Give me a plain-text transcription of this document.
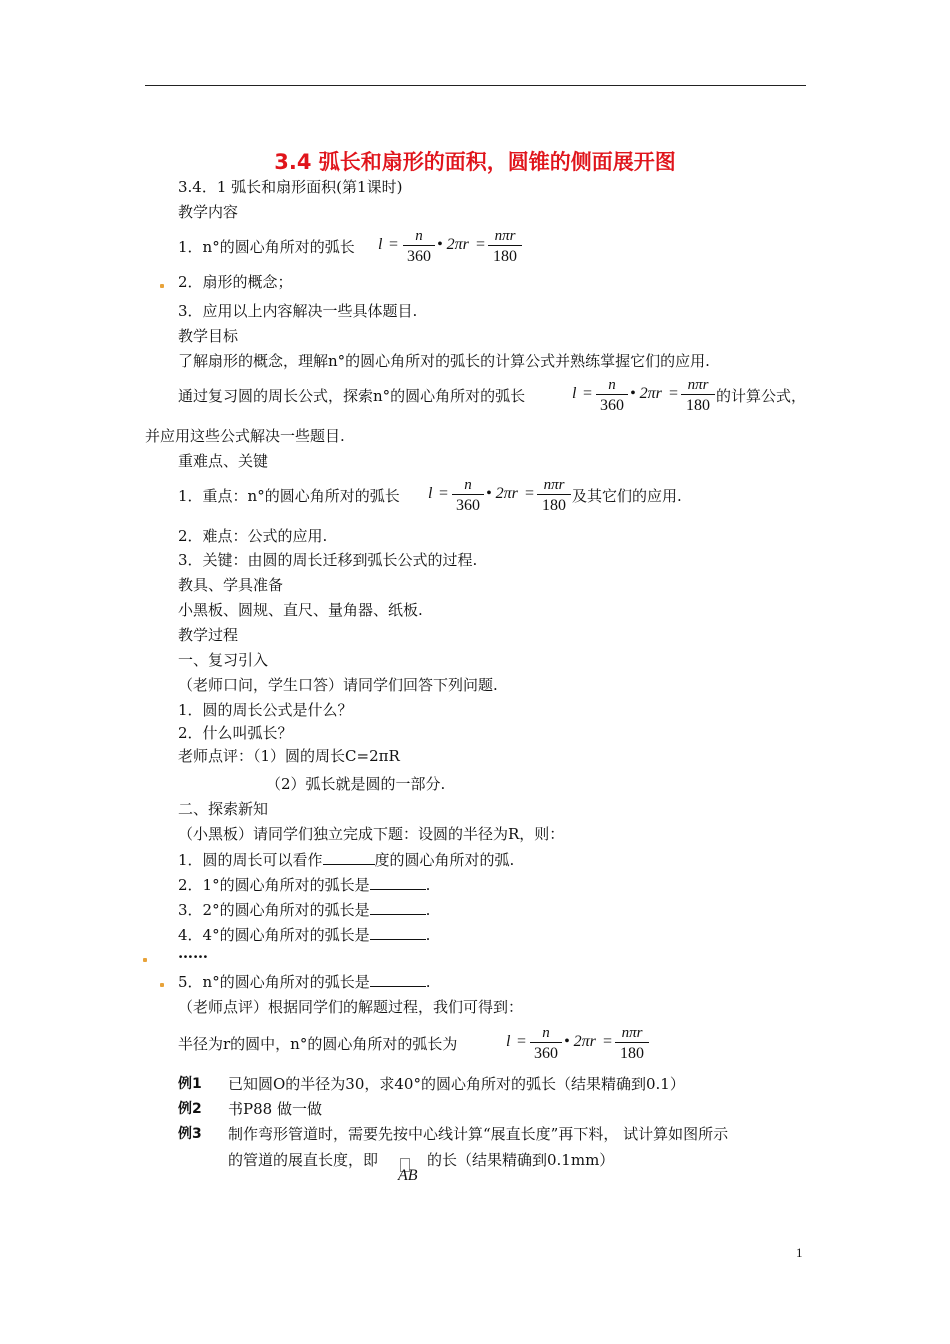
3.4 弧长和扇形的面积，圆锥的侧面展开图
3.4．1 弧长和扇形面积(第1课时)
教学内容
1．n°的圆心角所对的弧长 $l = \frac{n}{360}$ • 2πr = nπr
180
2．扇形的概念；
3．应用以上内容解决一些具体题目.
教学目标
了解扇形的概念，理解n°的圆心角所对的弧长的计算公式并熟练掌握它们的应用.
通过复习圆的周长公式，探索n°的圆心角所对的弧长	$l = \frac{n}{360}$ • 2πr = nπr
180
的计算公式，
并应用这些公式解决一些题目.
重难点、关键
1．重点：n°的圆心角所对的弧长 $l = \frac{n}{360}$ • 2πr = nπr
180
及其它们的应用.
2．难点：公式的应用.
3．关键：由圆的周长迁移到弧长公式的过程.
教具、学具准备
小黑板、圆规、直尺、量角器、纸板.
教学过程
一、复习引入
（老师口问，学生口答）请同学们回答下列问题.
1．圆的周长公式是什么？
2．什么叫弧长？
老师点评：（1）圆的周长C=2πR
（2）弧长就是圆的一部分.
二、探索新知
（小黑板）请同学们独立完成下题：设圆的半径为R，则：
1．圆的周长可以看作	度的圆心角所对的弧.
2．1°的圆心角所对的弧长是	.
3．2°的圆心角所对的弧长是	.
4．4°的圆心角所对的弧长是	.
……
5．n°的圆心角所对的弧长是	.
（老师点评）根据同学们的解题过程，我们可得到：
半径为r的圆中，n°的圆心角所对的弧长为	$l = \frac{n}{360}$ • 2πr = nπr
180
例1 已知圆O的半径为30，求40°的圆心角所对的弧长（结果精确到0.1）
例2 书P88 做一做
例3 制作弯形管道时，需要先按中心线计算“展直长度”再下料， 试计算如图所示
的管道的展直长度，即
AB
的长（结果精确到0.1mm）
1
